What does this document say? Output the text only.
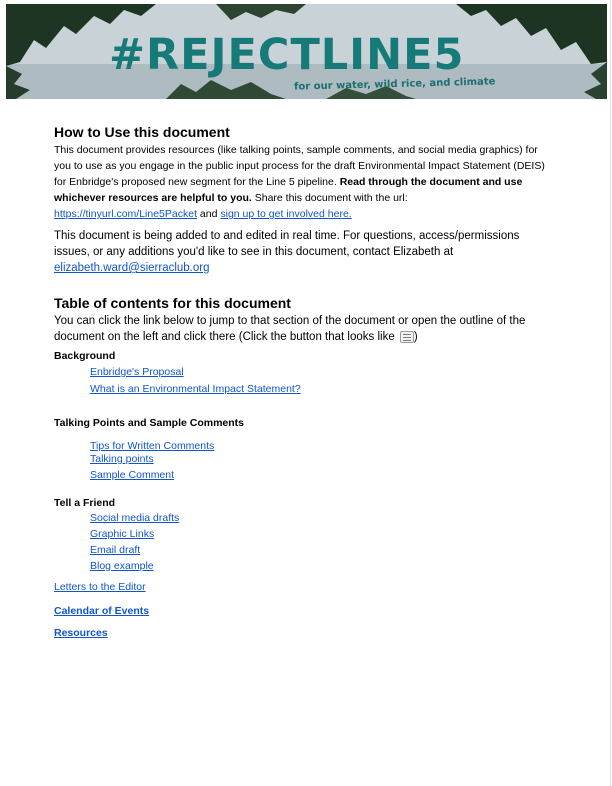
#REJECTLINE5

for our water, wild rice, and climate

How to Use this document

This document provides resources (like talking points, sample comments, and social media graphics) for you to use as you engage in the public input process for the draft Environmental Impact Statement (DEIS) for Enbridge's proposed new segment for the Line 5 pipeline. Read through the document and use whichever resources are helpful to you. Share this document with the url:
https://tinyurl.com/Line5Packet and sign up to get involved here.

This document is being added to and edited in real time. For questions, access/permissions issues, or any additions you'd like to see in this document, contact Elizabeth at elizabeth.ward@sierraclub.org

Table of contents for this document

You can click the link below to jump to that section of the document or open the outline of the document on the left and click there (Click the button that looks like
)

Background
Enbridge's Proposal
What is an Environmental Impact Statement?
Talking Points and Sample Comments
Tips for Written Comments
Talking points
Sample Comment
Tell a Friend
Social media drafts
Graphic Links
Email draft
Blog example
Letters to the Editor
Calendar of Events
Resources
